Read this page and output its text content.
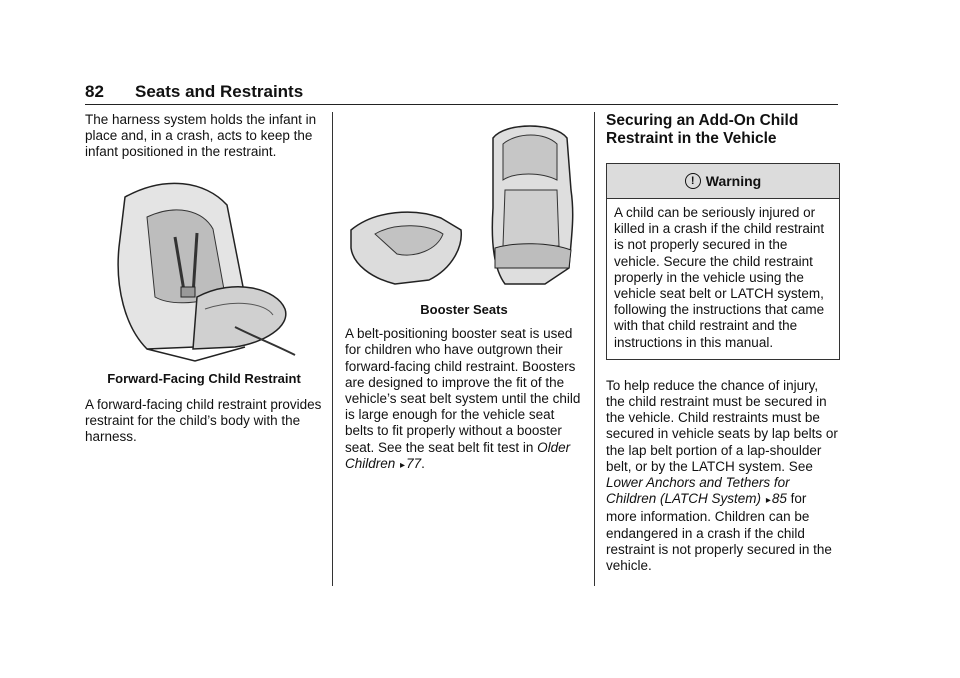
82 Seats and Restraints

The harness system holds the infant in place and, in a crash, acts to keep the infant positioned in the restraint.

Forward-Facing Child Restraint

A forward-facing child restraint provides restraint for the child’s body with the harness.

Booster Seats

A belt-positioning booster seat is used for children who have outgrown their forward-facing child restraint. Boosters are designed to improve the fit of the vehicle’s seat belt system until the child is large enough for the vehicle seat belts to fit properly without a booster seat. See the seat belt fit test in Older Children ▸77.

Securing an Add-On Child Restraint in the Vehicle

! Warning
A child can be seriously injured or killed in a crash if the child restraint is not properly secured in the vehicle. Secure the child restraint properly in the vehicle using the vehicle seat belt or LATCH system, following the instructions that came with that child restraint and the instructions in this manual.

To help reduce the chance of injury, the child restraint must be secured in the vehicle. Child restraints must be secured in vehicle seats by lap belts or the lap belt portion of a lap-shoulder belt, or by the LATCH system. See Lower Anchors and Tethers for Children (LATCH System) ▸85 for more information. Children can be endangered in a crash if the child restraint is not properly secured in the vehicle.
